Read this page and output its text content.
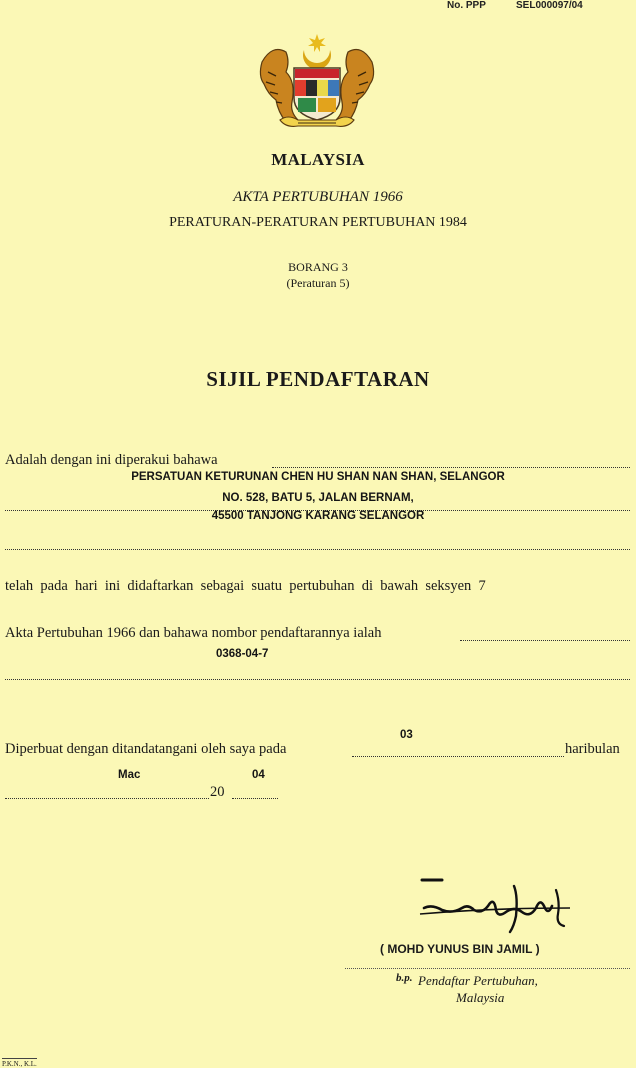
No. PPP	SEL000097/04
MALAYSIA
AKTA PERTUBUHAN 1966
PERATURAN-PERATURAN PERTUBUHAN 1984
BORANG 3
(Peraturan 5)
SIJIL PENDAFTARAN
Adalah dengan ini diperakui bahawa
PERSATUAN KETURUNAN CHEN HU SHAN NAN SHAN, SELANGOR
NO. 528, BATU 5, JALAN BERNAM,
45500 TANJONG KARANG SELANGOR
telah  pada  hari  ini  didaftarkan  sebagai  suatu  pertubuhan  di  bawah  seksyen  7
Akta Pertubuhan 1966 dan bahawa nombor pendaftarannya ialah
0368-04-7
03
Diperbuat dengan ditandatangani oleh saya pada	haribulan
Mac	04
20
( MOHD YUNUS BIN JAMIL )
b.p. Pendaftar Pertubuhan,
Malaysia
P.K.N., K.L.
